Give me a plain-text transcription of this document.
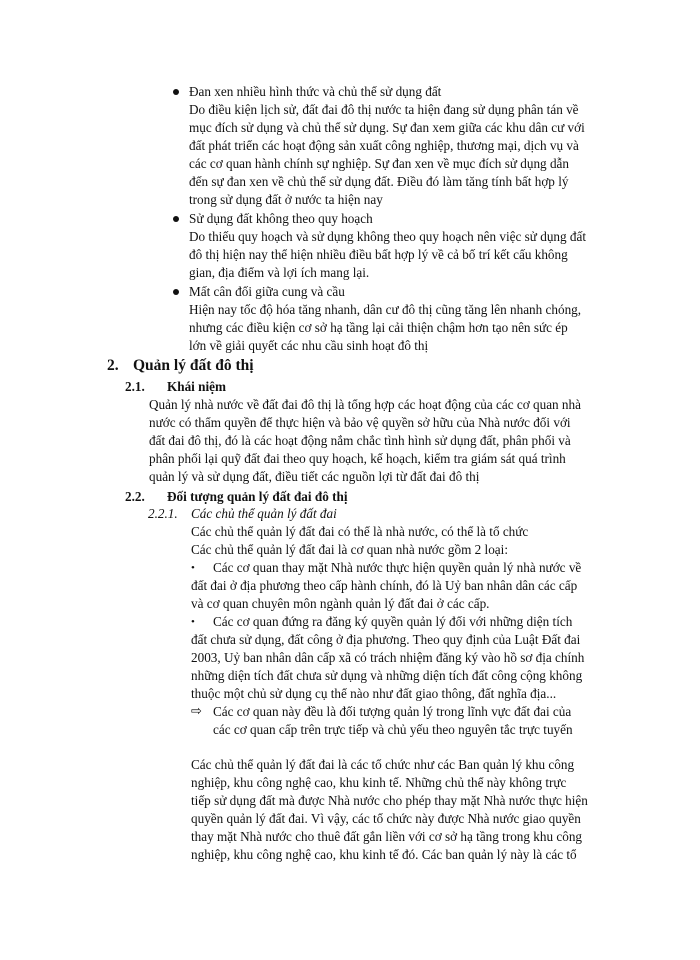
Đan xen nhiều hình thức và chủ thể sử dụng đất
Do điều kiện lịch sử, đất đai đô thị nước ta hiện đang sử dụng phân tán về
mục đích sử dụng và chủ thể sử dụng. Sự đan xem giữa các khu dân cư với
đất phát triển các hoạt động sản xuất công nghiệp, thương mại, dịch vụ và
các cơ quan hành chính sự nghiệp. Sự đan xen về mục đích sử dụng dẫn
đến sự đan xen về chủ thể sử dụng đất. Điều đó làm tăng tính bất hợp lý
trong sử dụng đất ở nước ta hiện nay
Sử dụng đất không theo quy hoạch
Do thiếu quy hoạch và sử dụng không theo quy hoạch nên việc sử dụng đất
đô thị hiện nay thể hiện nhiều điều bất hợp lý về cả bố trí kết cấu không
gian, địa điểm và lợi ích mang lại.
Mất cân đối giữa cung và cầu
Hiện nay tốc độ hóa tăng nhanh, dân cư đô thị cũng tăng lên nhanh chóng,
nhưng các điều kiện cơ sở hạ tầng lại cải thiện chậm hơn tạo nên sức ép
lớn về giải quyết các nhu cầu sinh hoạt đô thị
2. Quản lý đất đô thị
2.1. Khái niệm
Quản lý nhà nước về đất đai đô thị là tổng hợp các hoạt động của các cơ quan nhà
nước có thẩm quyền để thực hiện và bảo vệ quyền sở hữu của Nhà nước đối với
đất đai đô thị, đó là các hoạt động nắm chắc tình hình sử dụng đất, phân phối và
phân phối lại quỹ đất đai theo quy hoạch, kế hoạch, kiểm tra giám sát quá trình
quản lý và sử dụng đất, điều tiết các nguồn lợi từ đất đai đô thị
2.2. Đối tượng quản lý đất đai đô thị
2.2.1. Các chủ thể quản lý đất đai
Các chủ thể quản lý đất đai có thể là nhà nước, có thể là tổ chức
Các chủ thể quản lý đất đai là cơ quan nhà nước gồm 2 loại:
• Các cơ quan thay mặt Nhà nước thực hiện quyền quản lý nhà nước về
đất đai ở địa phương theo cấp hành chính, đó là Uỷ ban nhân dân các cấp
và cơ quan chuyên môn ngành quản lý đất đai ở các cấp.
• Các cơ quan đứng ra đăng ký quyền quản lý đối với những diện tích
đất chưa sử dụng, đất công ở địa phương. Theo quy định của Luật Đất đai
2003, Uỷ ban nhân dân cấp xã có trách nhiệm đăng ký vào hồ sơ địa chính
những diện tích đất chưa sử dụng và những diện tích đất công cộng không
thuộc một chủ sử dụng cụ thể nào như đất giao thông, đất nghĩa địa...
⇨ Các cơ quan này đều là đối tượng quản lý trong lĩnh vực đất đai của
các cơ quan cấp trên trực tiếp và chủ yếu theo nguyên tắc trực tuyến
Các chủ thể quản lý đất đai là các tổ chức như các Ban quản lý khu công
nghiệp, khu công nghệ cao, khu kinh tế. Những chủ thể này không trực
tiếp sử dụng đất mà được Nhà nước cho phép thay mặt Nhà nước thực hiện
quyền quản lý đất đai. Vì vậy, các tổ chức này được Nhà nước giao quyền
thay mặt Nhà nước cho thuê đất gắn liền với cơ sở hạ tầng trong khu công
nghiệp, khu công nghệ cao, khu kinh tế đó. Các ban quản lý này là các tổ
